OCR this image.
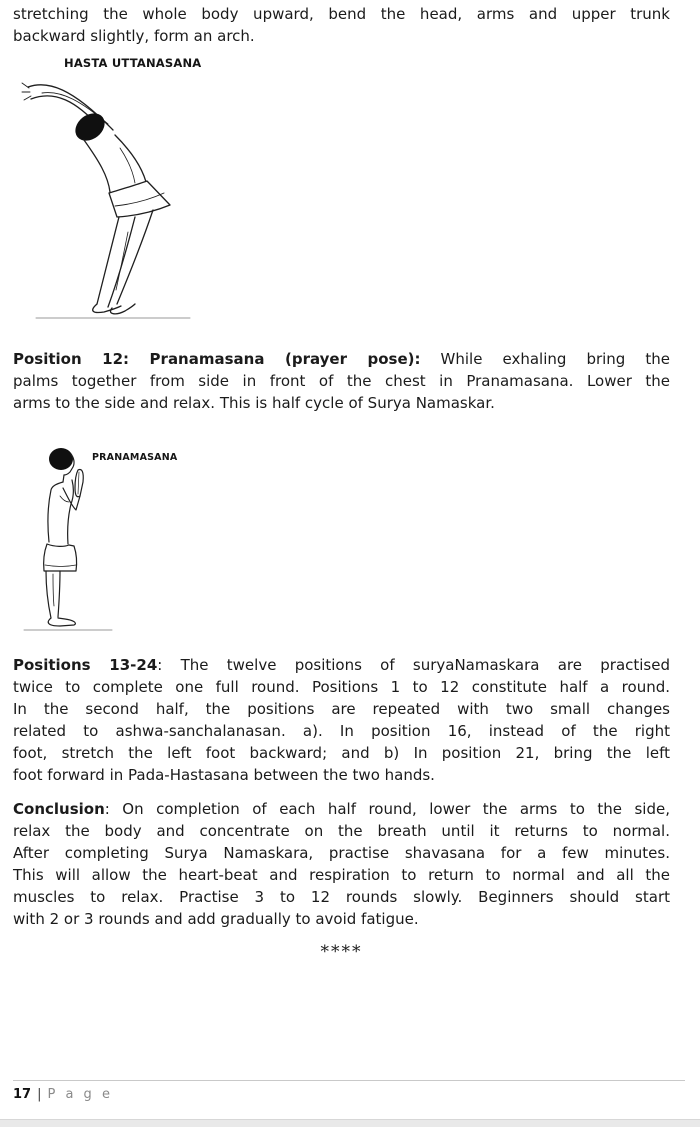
stretching the whole body upward, bend the head, arms and upper trunk
backward slightly, form an arch.
HASTA UTTANASANA
Position 12: Pranamasana (prayer pose): While exhaling bring the
palms together from side in front of the chest in Pranamasana. Lower the
arms to the side and relax. This is half cycle of Surya Namaskar.
PRANAMASANA
Positions 13-24: The twelve positions of suryaNamaskara are practised
twice to complete one full round. Positions 1 to 12 constitute half a round.
In the second half, the positions are repeated with two small changes
related to ashwa-sanchalanasan. a). In position 16, instead of the right
foot, stretch the left foot backward; and b) In position 21, bring the left
foot forward in Pada-Hastasana between the two hands.
Conclusion: On completion of each half round, lower the arms to the side,
relax the body and concentrate on the breath until it returns to normal.
After completing Surya Namaskara, practise shavasana for a few minutes.
This will allow the heart-beat and respiration to return to normal and all the
muscles to relax. Practise 3 to 12 rounds slowly. Beginners should start
with 2 or 3 rounds and add gradually to avoid fatigue.
****
17 | P a g e
